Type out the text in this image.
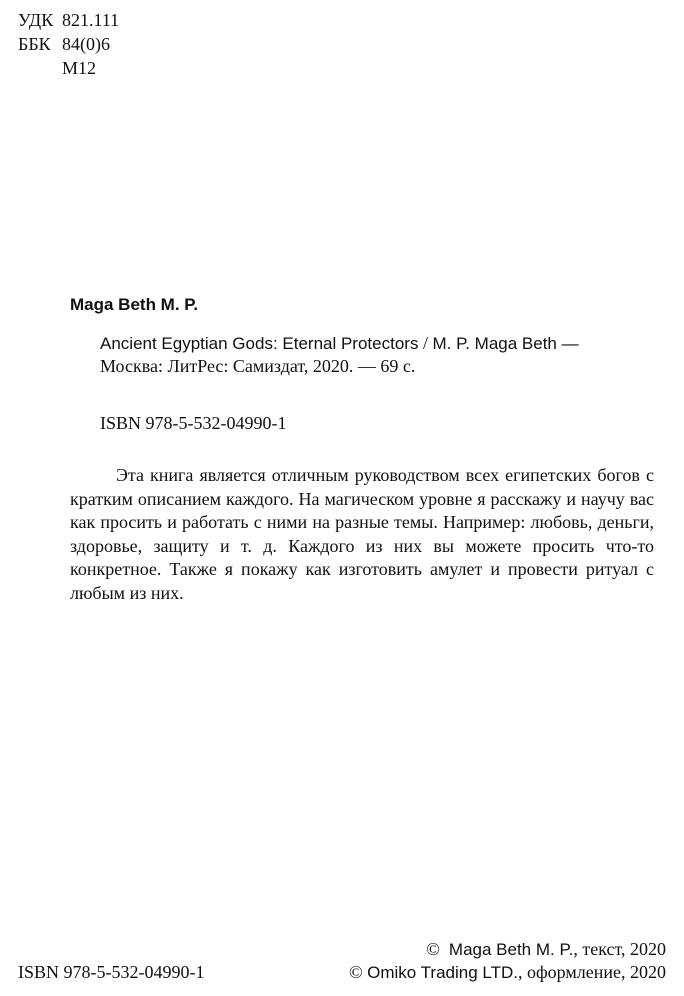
УДК 821.111
ББК 84(0)6
M12
Maga Beth M. P.
Ancient Egyptian Gods: Eternal Protectors / M. P. Maga Beth —
Москва: ЛитРес: Самиздат, 2020. — 69 с.
ISBN 978-5-532-04990-1
Эта книга является отличным руководством всех египетских богов с кратким описанием каждого. На магическом уровне я расскажу и научу вас как просить и работать с ними на разные темы. Например: любовь, деньги, здоровье, защиту и т. д. Каждого из них вы можете просить что-то конкретное. Также я покажу как изготовить амулет и провести ритуал с любым из них.
ISBN 978-5-532-04990-1
© Maga Beth M. P., текст, 2020
© Omiko Trading LTD., оформление, 2020
